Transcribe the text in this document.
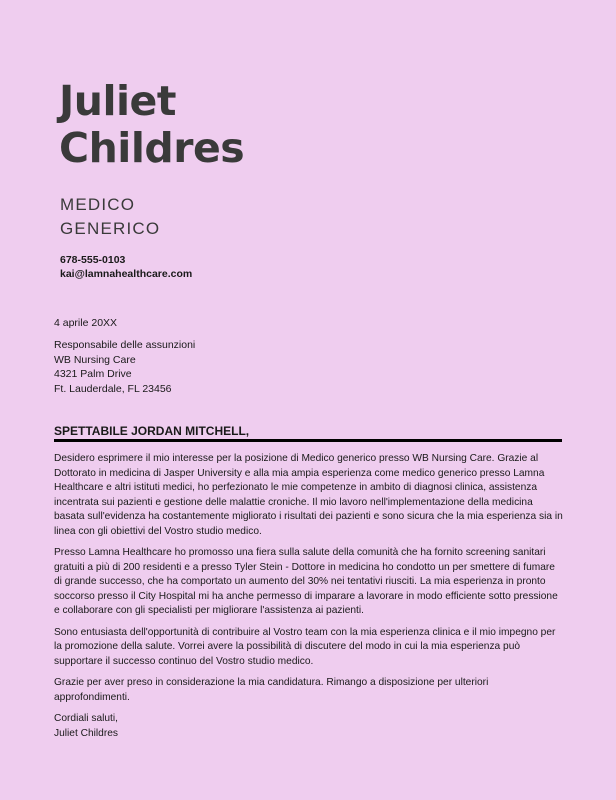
Juliet
Childres
MEDICO
GENERICO
678-555-0103
kai@lamnahealthcare.com
4 aprile 20XX
Responsabile delle assunzioni
WB Nursing Care
4321 Palm Drive
Ft. Lauderdale, FL 23456
SPETTABILE JORDAN MITCHELL,

Desidero esprimere il mio interesse per la posizione di Medico generico presso WB Nursing Care. Grazie al Dottorato in medicina di Jasper University e alla mia ampia esperienza come medico generico presso Lamna Healthcare e altri istituti medici, ho perfezionato le mie competenze in ambito di diagnosi clinica, assistenza incentrata sui pazienti e gestione delle malattie croniche. Il mio lavoro nell'implementazione della medicina basata sull'evidenza ha costantemente migliorato i risultati dei pazienti e sono sicura che la mia esperienza sia in linea con gli obiettivi del Vostro studio medico.

Presso Lamna Healthcare ho promosso una fiera sulla salute della comunità che ha fornito screening sanitari gratuiti a più di 200 residenti e a presso Tyler Stein - Dottore in medicina ho condotto un per smettere di fumare di grande successo, che ha comportato un aumento del 30% nei tentativi riusciti. La mia esperienza in pronto soccorso presso il City Hospital mi ha anche permesso di imparare a lavorare in modo efficiente sotto pressione e collaborare con gli specialisti per migliorare l'assistenza ai pazienti.

Sono entusiasta dell'opportunità di contribuire al Vostro team con la mia esperienza clinica e il mio impegno per la promozione della salute. Vorrei avere la possibilità di discutere del modo in cui la mia esperienza può supportare il successo continuo del Vostro studio medico.

Grazie per aver preso in considerazione la mia candidatura. Rimango a disposizione per ulteriori approfondimenti.

Cordiali saluti,
Juliet Childres
